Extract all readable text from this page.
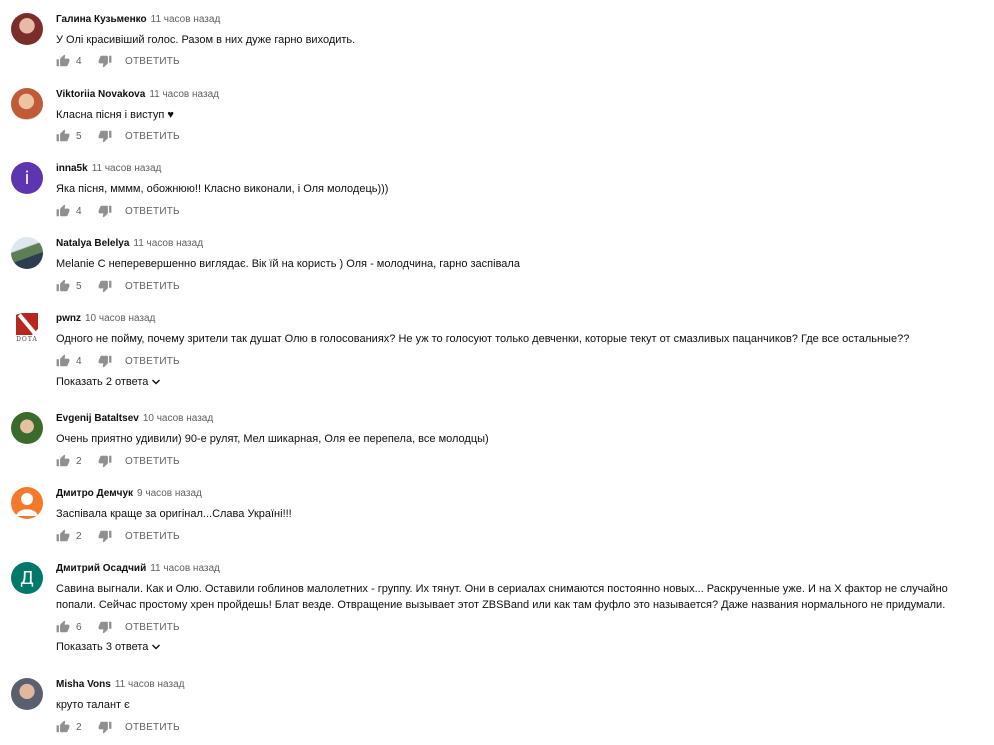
Галина Кузьменко 11 часов назад
У Олі красивіший голос. Разом в них дуже гарно виходить.
4	ОТВЕТИТЬ
Viktoriia Novakova 11 часов назад
Класна пісня і виступ ♥
5	ОТВЕТИТЬ
i	inna5k 11 часов назад
Яка пісня, мммм, обожнюю!! Класно виконали, і Оля молодець)))
4	ОТВЕТИТЬ
Natalya Belelya 11 часов назад
Melanie C неперевершенно виглядає. Вік їй на користь ) Оля - молодчина, гарно заспівала
5	ОТВЕТИТЬ
DOTA
pwnz 10 часов назад
Одного не пойму, почему зрители так душат Олю в голосованиях? Не уж то голосуют только девченки, которые текут от смазливых пацанчиков? Где все остальные??
4	ОТВЕТИТЬ
Показать 2 ответа
Evgenij Bataltsev 10 часов назад
Очень приятно удивили) 90-е рулят, Мел шикарная, Оля ее перепела, все молодцы)
2	ОТВЕТИТЬ
Дмитро Демчук 9 часов назад
Заспівала краще за оригінал...Слава Україні!!!
2	ОТВЕТИТЬ
Д	Дмитрий Осадчий 11 часов назад
Савина выгнали. Как и Олю. Оставили гоблинов малолетних - группу. Их тянут. Они в сериалах снимаются постоянно новых... Раскрученные уже. И на Х фактор не случайно попали. Сейчас простому хрен пройдешь! Блат везде. Отвращение вызывает этот ZBSBand или как там фуфло это называется? Даже названия нормального не придумали.
6	ОТВЕТИТЬ
Показать 3 ответа
Misha Vons 11 часов назад
круто талант є
2	ОТВЕТИТЬ
